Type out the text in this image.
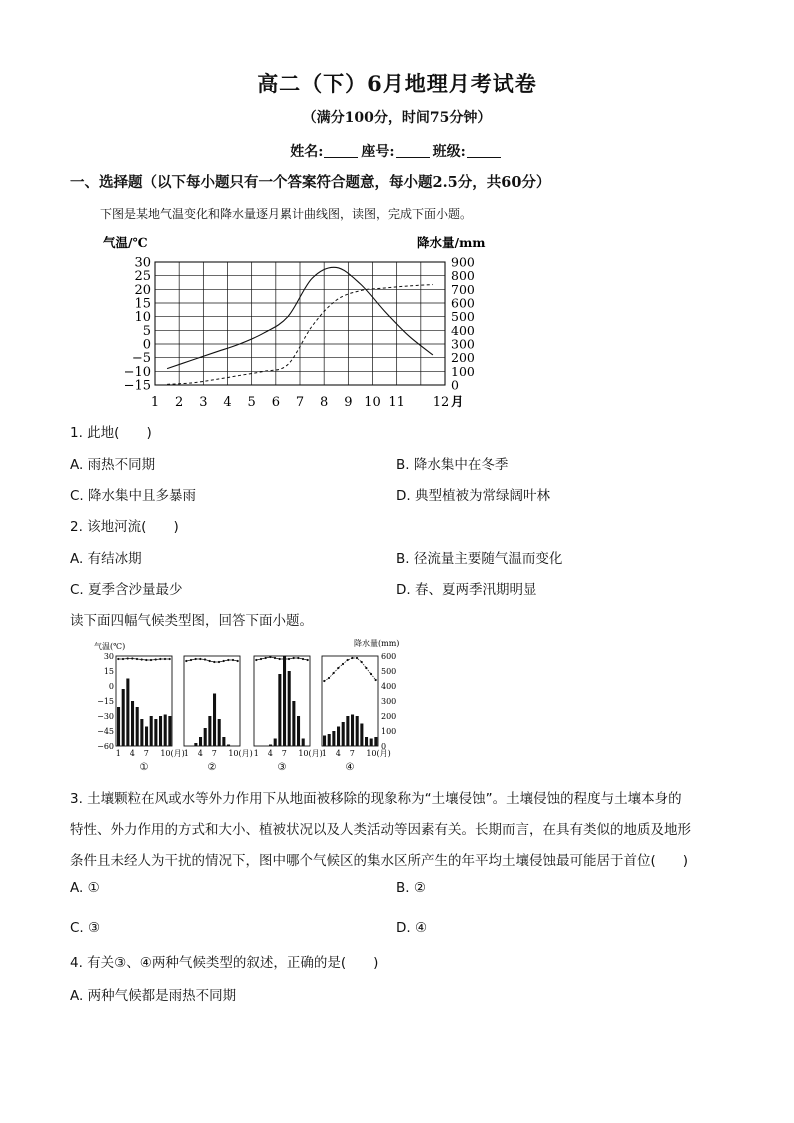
高二（下）6月地理月考试卷
（满分100分，时间75分钟）
姓名:	座号:	班级:
一、选择题（以下每小题只有一个答案符合题意，每小题2.5分，共60分）
下图是某地气温变化和降水量逐月累计曲线图，读图，完成下面小题。
气温/℃	降水量/mm
30
25
20
15
10
5
0
−5
−10
−15
900
800
700
600
500
400
300
200
100
0
1 2 3 4 5 6 7 8 9 10 11 12 月
1. 此地(　　)
A. 雨热不同期	B. 降水集中在冬季
C. 降水集中且多暴雨	D. 典型植被为常绿阔叶林
2. 该地河流(　　)
A. 有结冰期	B. 径流量主要随气温而变化
C. 夏季含沙量最少	D. 春、夏两季汛期明显
读下面四幅气候类型图，回答下面小题。
气温(℃)	降水量(mm)
30
15
0
−15
−30
−45
−60
600
500
400
300
200
100
0
1 4 7 10(月)
①
1 4 7 10(月)
②
1 4 7 10(月)
③
1 4 7 10(月)
④
3. 土壤颗粒在风或水等外力作用下从地面被移除的现象称为“土壤侵蚀”。土壤侵蚀的程度与土壤本身的
特性、外力作用的方式和大小、植被状况以及人类活动等因素有关。长期而言，在具有类似的地质及地形
条件且未经人为干扰的情况下，图中哪个气候区的集水区所产生的年平均土壤侵蚀最可能居于首位(　　)
A. ①	B. ②
C. ③	D. ④
4. 有关③、④两种气候类型的叙述，正确的是(　　)
A. 两种气候都是雨热不同期
